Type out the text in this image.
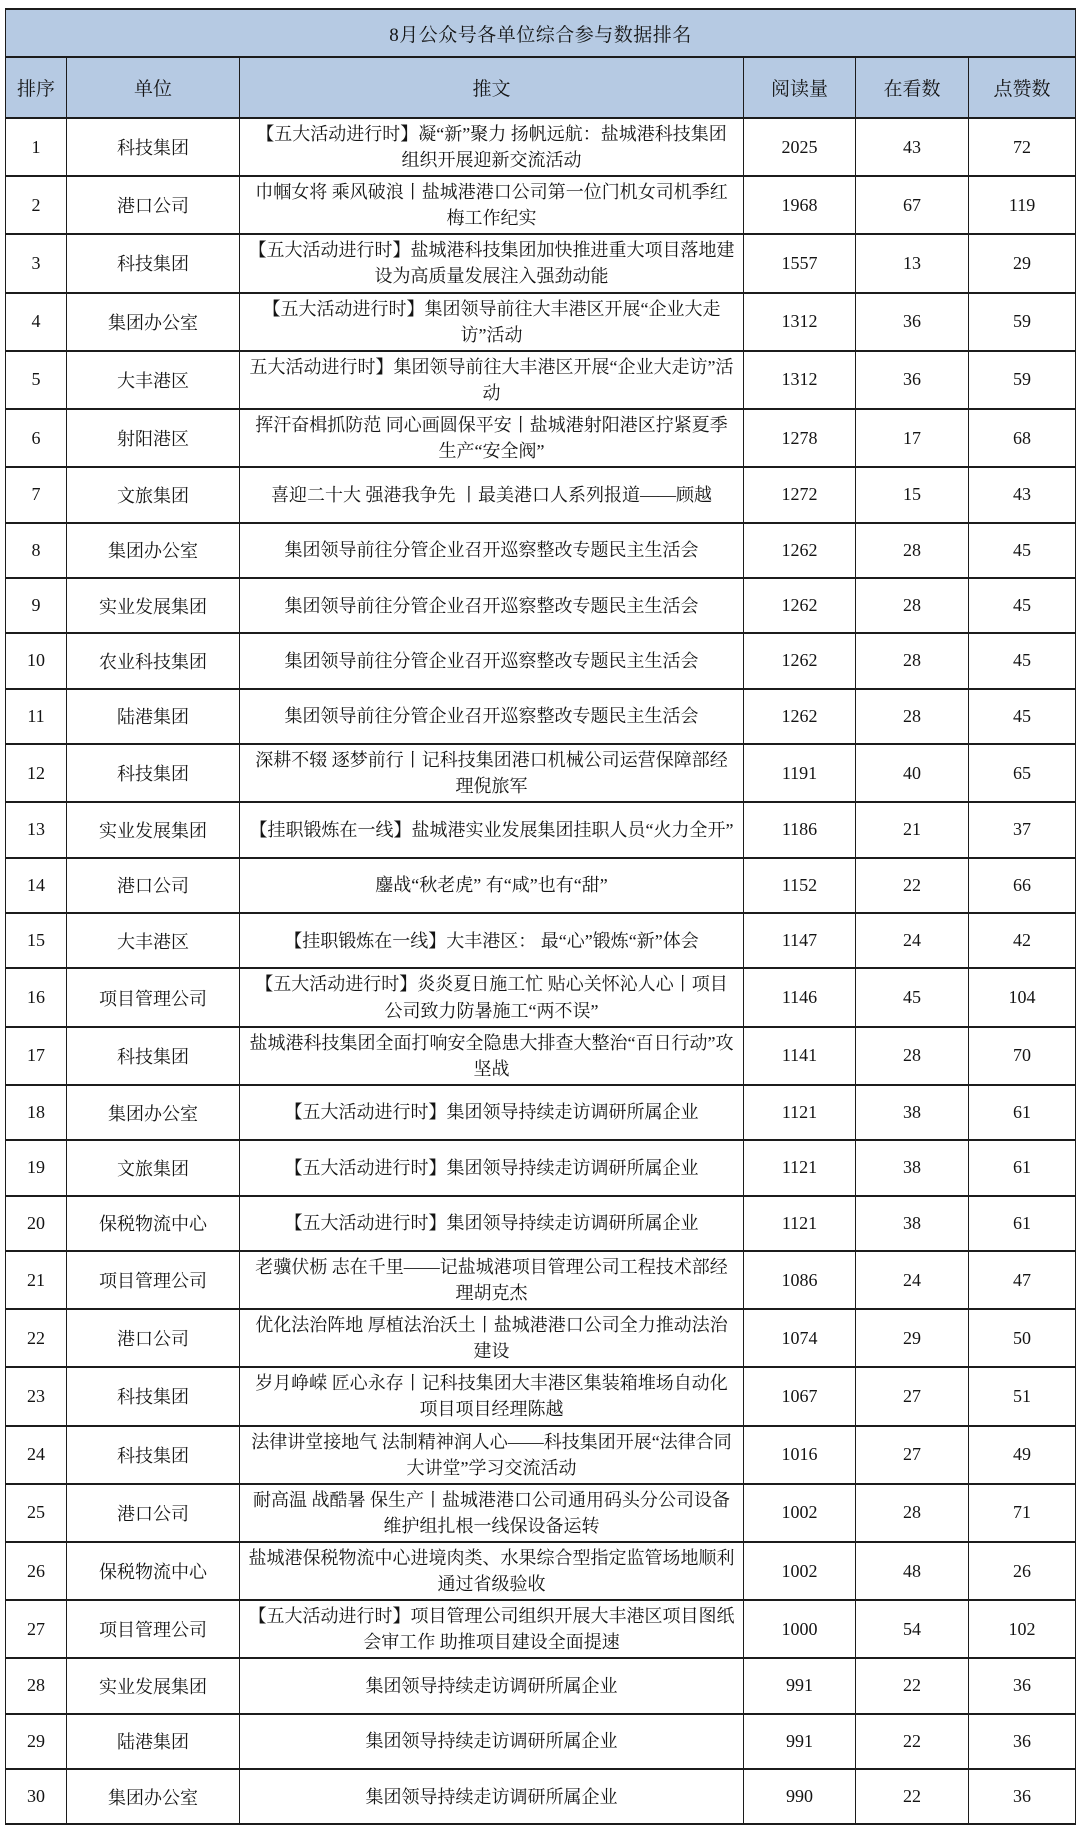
8月公众号各单位综合参与数据排名					
排序	单位	推文	阅读量	在看数	点赞数
1	科技集团	【五大活动进行时】凝“新”聚力 扬帆远航：盐城港科技集团组织开展迎新交流活动	2025	43	72
2	港口公司	巾帼女将 乘风破浪丨盐城港港口公司第一位门机女司机季红梅工作纪实	1968	67	119
3	科技集团	【五大活动进行时】盐城港科技集团加快推进重大项目落地建设为高质量发展注入强劲动能	1557	13	29
4	集团办公室	【五大活动进行时】集团领导前往大丰港区开展“企业大走访”活动	1312	36	59
5	大丰港区	五大活动进行时】集团领导前往大丰港区开展“企业大走访”活动	1312	36	59
6	射阳港区	挥汗奋楫抓防范 同心画圆保平安丨盐城港射阳港区拧紧夏季生产“安全阀”	1278	17	68
7	文旅集团	喜迎二十大 强港我争先 丨最美港口人系列报道——顾越	1272	15	43
8	集团办公室	集团领导前往分管企业召开巡察整改专题民主生活会	1262	28	45
9	实业发展集团	集团领导前往分管企业召开巡察整改专题民主生活会	1262	28	45
10	农业科技集团	集团领导前往分管企业召开巡察整改专题民主生活会	1262	28	45
11	陆港集团	集团领导前往分管企业召开巡察整改专题民主生活会	1262	28	45
12	科技集团	深耕不辍 逐梦前行丨记科技集团港口机械公司运营保障部经理倪旅军	1191	40	65
13	实业发展集团	【挂职锻炼在一线】盐城港实业发展集团挂职人员“火力全开”	1186	21	37
14	港口公司	鏖战“秋老虎” 有“咸”也有“甜”	1152	22	66
15	大丰港区	【挂职锻炼在一线】大丰港区： 最“心”锻炼“新”体会	1147	24	42
16	项目管理公司	【五大活动进行时】炎炎夏日施工忙 贴心关怀沁人心丨项目公司致力防暑施工“两不误”	1146	45	104
17	科技集团	盐城港科技集团全面打响安全隐患大排查大整治“百日行动”攻坚战	1141	28	70
18	集团办公室	【五大活动进行时】集团领导持续走访调研所属企业	1121	38	61
19	文旅集团	【五大活动进行时】集团领导持续走访调研所属企业	1121	38	61
20	保税物流中心	【五大活动进行时】集团领导持续走访调研所属企业	1121	38	61
21	项目管理公司	老骥伏枥 志在千里——记盐城港项目管理公司工程技术部经理胡克杰	1086	24	47
22	港口公司	优化法治阵地 厚植法治沃土丨盐城港港口公司全力推动法治建设	1074	29	50
23	科技集团	岁月峥嵘 匠心永存丨记科技集团大丰港区集装箱堆场自动化项目项目经理陈越	1067	27	51
24	科技集团	法律讲堂接地气 法制精神润人心——科技集团开展“法律合同大讲堂”学习交流活动	1016	27	49
25	港口公司	耐高温 战酷暑 保生产丨盐城港港口公司通用码头分公司设备维护组扎根一线保设备运转	1002	28	71
26	保税物流中心	盐城港保税物流中心进境肉类、水果综合型指定监管场地顺利通过省级验收	1002	48	26
27	项目管理公司	【五大活动进行时】项目管理公司组织开展大丰港区项目图纸会审工作 助推项目建设全面提速	1000	54	102
28	实业发展集团	集团领导持续走访调研所属企业	991	22	36
29	陆港集团	集团领导持续走访调研所属企业	991	22	36
30	集团办公室	集团领导持续走访调研所属企业	990	22	36
